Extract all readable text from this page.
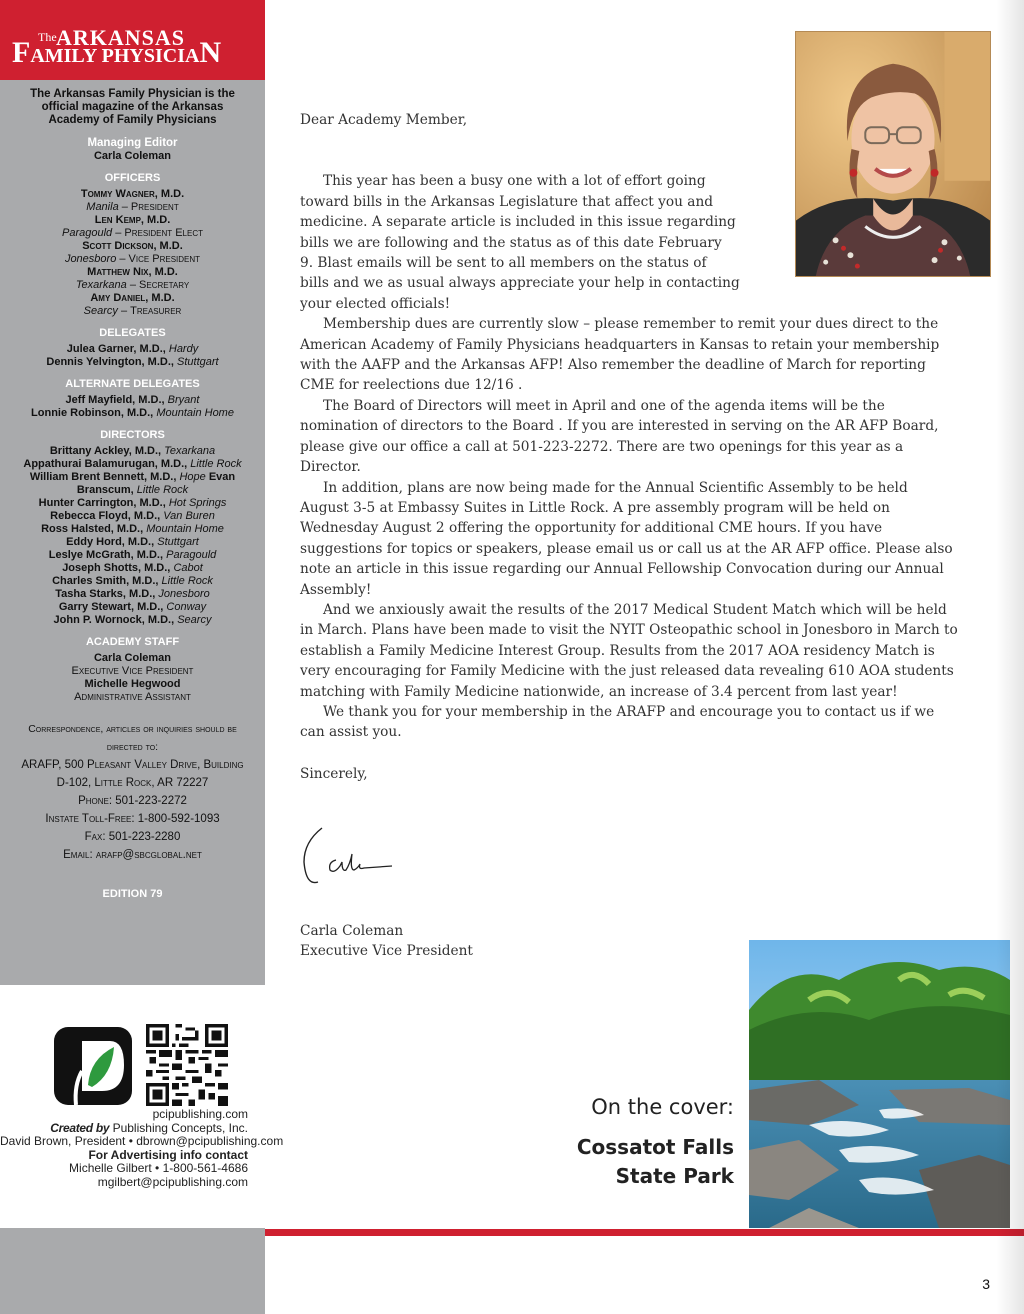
The ARKANSAS
FAMILY PHYSICIAN
The Arkansas Family Physician is the
official magazine of the Arkansas
Academy of Family Physicians
Managing Editor
Carla Coleman
OFFICERS
Tommy Wagner, M.D.
Manila – President
Len Kemp, M.D.
Paragould – President Elect
Scott Dickson, M.D.
Jonesboro – Vice President
Matthew Nix, M.D.
Texarkana – Secretary
Amy Daniel, M.D.
Searcy – Treasurer
DELEGATES
Julea Garner, M.D., Hardy
Dennis Yelvington, M.D., Stuttgart
ALTERNATE DELEGATES
Jeff Mayfield, M.D., Bryant
Lonnie Robinson, M.D., Mountain Home
DIRECTORS
Brittany Ackley, M.D., Texarkana
Appathurai Balamurugan, M.D., Little Rock
William Brent Bennett, M.D., Hope Evan
Branscum, Little Rock
Hunter Carrington, M.D., Hot Springs
Rebecca Floyd, M.D., Van Buren
Ross Halsted, M.D., Mountain Home
Eddy Hord, M.D., Stuttgart
Leslye McGrath, M.D., Paragould
Joseph Shotts, M.D., Cabot
Charles Smith, M.D., Little Rock
Tasha Starks, M.D., Jonesboro
Garry Stewart, M.D., Conway
John P. Wornock, M.D., Searcy
ACADEMY STAFF
Carla Coleman
Executive Vice President
Michelle Hegwood
Administrative Assistant
Correspondence, articles or inquiries should be
directed to:
ARAFP, 500 Pleasant Valley Drive, Building
D-102, Little Rock, AR 72227
Phone: 501-223-2272
Instate Toll-Free: 1-800-592-1093
Fax: 501-223-2280
Email: arafp@sbcglobal.net
EDITION 79
pcipublishing.com
Created by Publishing Concepts, Inc.
David Brown, President • dbrown@pcipublishing.com
For Advertising info contact
Michelle Gilbert • 1-800-561-4686
mgilbert@pcipublishing.com

Dear Academy Member,

This year has been a busy one with a lot of effort going
toward bills in the Arkansas Legislature that affect you and
medicine. A separate article is included in this issue regarding
bills we are following and the status as of this date February
9. Blast emails will be sent to all members on the status of
bills and we as usual always appreciate your help in contacting
your elected officials!

Membership dues are currently slow – please remember to remit your dues direct to the American Academy of Family Physicians headquarters in Kansas to retain your membership with the AAFP and the Arkansas AFP! Also remember the deadline of March for reporting CME for reelections due 12/16 .

The Board of Directors will meet in April and one of the agenda items will be the nomination of directors to the Board . If you are interested in serving on the AR AFP Board, please give our office a call at 501-223-2272. There are two openings for this year as a Director.

In addition, plans are now being made for the Annual Scientific Assembly to be held August 3-5 at Embassy Suites in Little Rock. A pre assembly program will be held on Wednesday August 2 offering the opportunity for additional CME hours. If you have suggestions for topics or speakers, please email us or call us at the AR AFP office. Please also note an article in this issue regarding our Annual Fellowship Convocation during our Annual Assembly!

And we anxiously await the results of the 2017 Medical Student Match which will be held in March. Plans have been made to visit the NYIT Osteopathic school in Jonesboro in March to establish a Family Medicine Interest Group. Results from the 2017 AOA residency Match is very encouraging for Family Medicine with the just released data revealing 610 AOA students matching with Family Medicine nationwide, an increase of 3.4 percent from last year!

We thank you for your membership in the ARAFP and encourage you to contact us if we can assist you.

Sincerely,

Carla Coleman
Executive Vice President
On the cover:
Cossatot Falls
State Park
3
